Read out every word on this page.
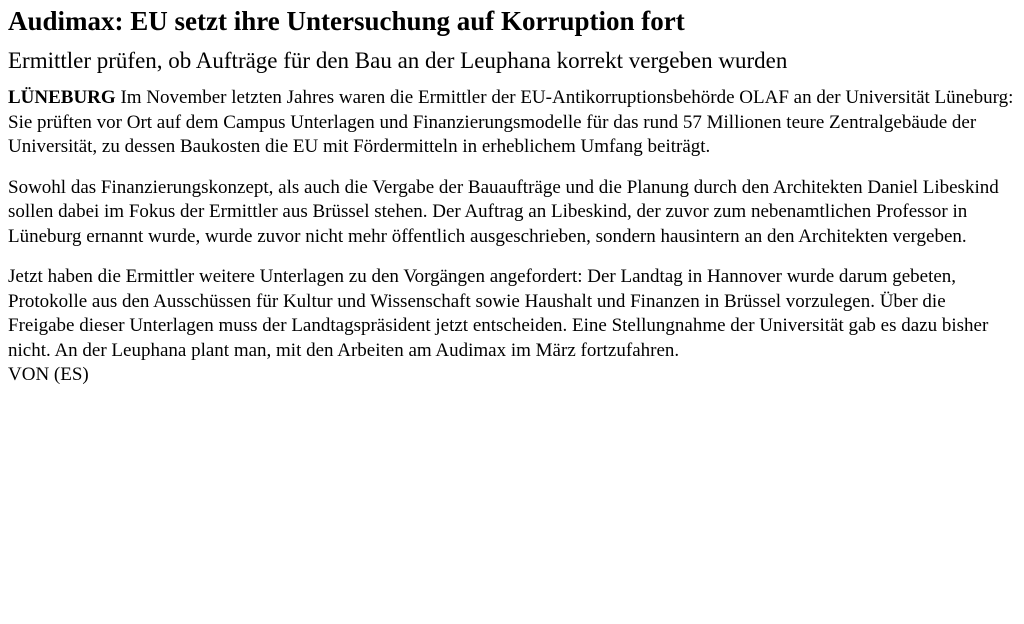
Audimax: EU setzt ihre Untersuchung auf Korruption fort
Ermittler prüfen, ob Aufträge für den Bau an der Leuphana korrekt vergeben wurden

LÜNEBURG Im November letzten Jahres waren die Ermittler der EU-Antikorruptionsbehörde OLAF an der Universität Lüneburg: Sie prüften vor Ort auf dem Campus Unterlagen und Finanzierungsmodelle für das rund 57 Millionen teure Zentralgebäude der Universität, zu dessen Baukosten die EU mit Fördermitteln in erheblichem Umfang beiträgt.

Sowohl das Finanzierungskonzept, als auch die Vergabe der Bauaufträge und die Planung durch den Architekten Daniel Libeskind sollen dabei im Fokus der Ermittler aus Brüssel stehen. Der Auftrag an Libeskind, der zuvor zum nebenamtlichen Professor in Lüneburg ernannt wurde, wurde zuvor nicht mehr öffentlich ausgeschrieben, sondern hausintern an den Architekten vergeben.

Jetzt haben die Ermittler weitere Unterlagen zu den Vorgängen angefordert: Der Landtag in Hannover wurde darum gebeten, Protokolle aus den Ausschüssen für Kultur und Wissenschaft sowie Haushalt und Finanzen in Brüssel vorzulegen. Über die Freigabe dieser Unterlagen muss der Landtagspräsident jetzt entscheiden. Eine Stellungnahme der Universität gab es dazu bisher nicht. An der Leuphana plant man, mit den Arbeiten am Audimax im März fortzufahren.
VON (ES)
